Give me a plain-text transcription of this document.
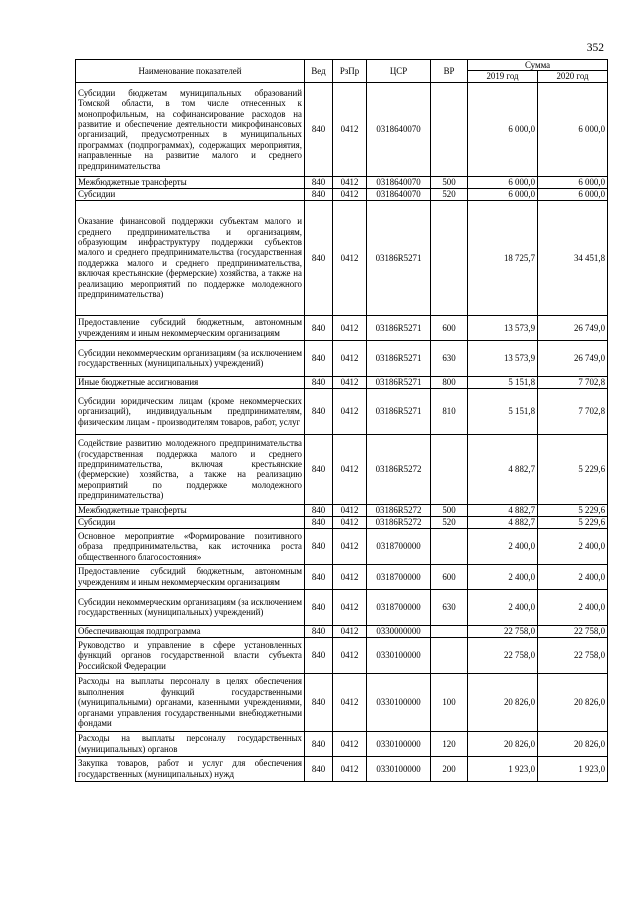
352
Наименование показателей	Вед	РзПр	ЦСР	ВР	Сумма	
					2019 год	2020 год
Субсидии бюджетам муниципальных образований Томской области, в том числе отнесенных к монопрофильным, на софинансирование расходов на развитие и обеспечение деятельности микрофинансовых организаций, предусмотренных в муниципальных программах (подпрограммах), содержащих мероприятия, направленные на развитие малого и среднего предпринимательства	840	0412	0318640070		6 000,0	6 000,0
Межбюджетные трансферты	840	0412	0318640070	500	6 000,0	6 000,0
Субсидии	840	0412	0318640070	520	6 000,0	6 000,0
Оказание финансовой поддержки субъектам малого и среднего предпринимательства и организациям, образующим инфраструктуру поддержки субъектов малого и среднего предпринимательства (государственная поддержка малого и среднего предпринимательства, включая крестьянские (фермерские) хозяйства, а также на реализацию мероприятий по поддержке молодежного предпринимательства)	840	0412	03186R5271		18 725,7	34 451,8
Предоставление субсидий бюджетным, автономным учреждениям и иным некоммерческим организациям	840	0412	03186R5271	600	13 573,9	26 749,0
Субсидии некоммерческим организациям (за исключением государственных (муниципальных) учреждений)	840	0412	03186R5271	630	13 573,9	26 749,0
Иные бюджетные ассигнования	840	0412	03186R5271	800	5 151,8	7 702,8
Субсидии юридическим лицам (кроме некоммерческих организаций), индивидуальным предпринимателям, физическим лицам - производителям товаров, работ, услуг	840	0412	03186R5271	810	5 151,8	7 702,8
Содействие развитию молодежного предпринимательства (государственная поддержка малого и среднего предпринимательства, включая крестьянские (фермерские) хозяйства, а также на реализацию мероприятий по поддержке молодежного предпринимательства)	840	0412	03186R5272		4 882,7	5 229,6
Межбюджетные трансферты	840	0412	03186R5272	500	4 882,7	5 229,6
Субсидии	840	0412	03186R5272	520	4 882,7	5 229,6
Основное мероприятие «Формирование позитивного образа предпринимательства, как источника роста общественного благосостояния»	840	0412	0318700000		2 400,0	2 400,0
Предоставление субсидий бюджетным, автономным учреждениям и иным некоммерческим организациям	840	0412	0318700000	600	2 400,0	2 400,0
Субсидии некоммерческим организациям (за исключением государственных (муниципальных) учреждений)	840	0412	0318700000	630	2 400,0	2 400,0
Обеспечивающая подпрограмма	840	0412	0330000000		22 758,0	22 758,0
Руководство и управление в сфере установленных функций органов государственной власти субъекта Российской Федерации	840	0412	0330100000		22 758,0	22 758,0
Расходы на выплаты персоналу в целях обеспечения выполнения функций государственными (муниципальными) органами, казенными учреждениями, органами управления государственными внебюджетными фондами	840	0412	0330100000	100	20 826,0	20 826,0
Расходы на выплаты персоналу государственных (муниципальных) органов	840	0412	0330100000	120	20 826,0	20 826,0
Закупка товаров, работ и услуг для обеспечения государственных (муниципальных) нужд	840	0412	0330100000	200	1 923,0	1 923,0
